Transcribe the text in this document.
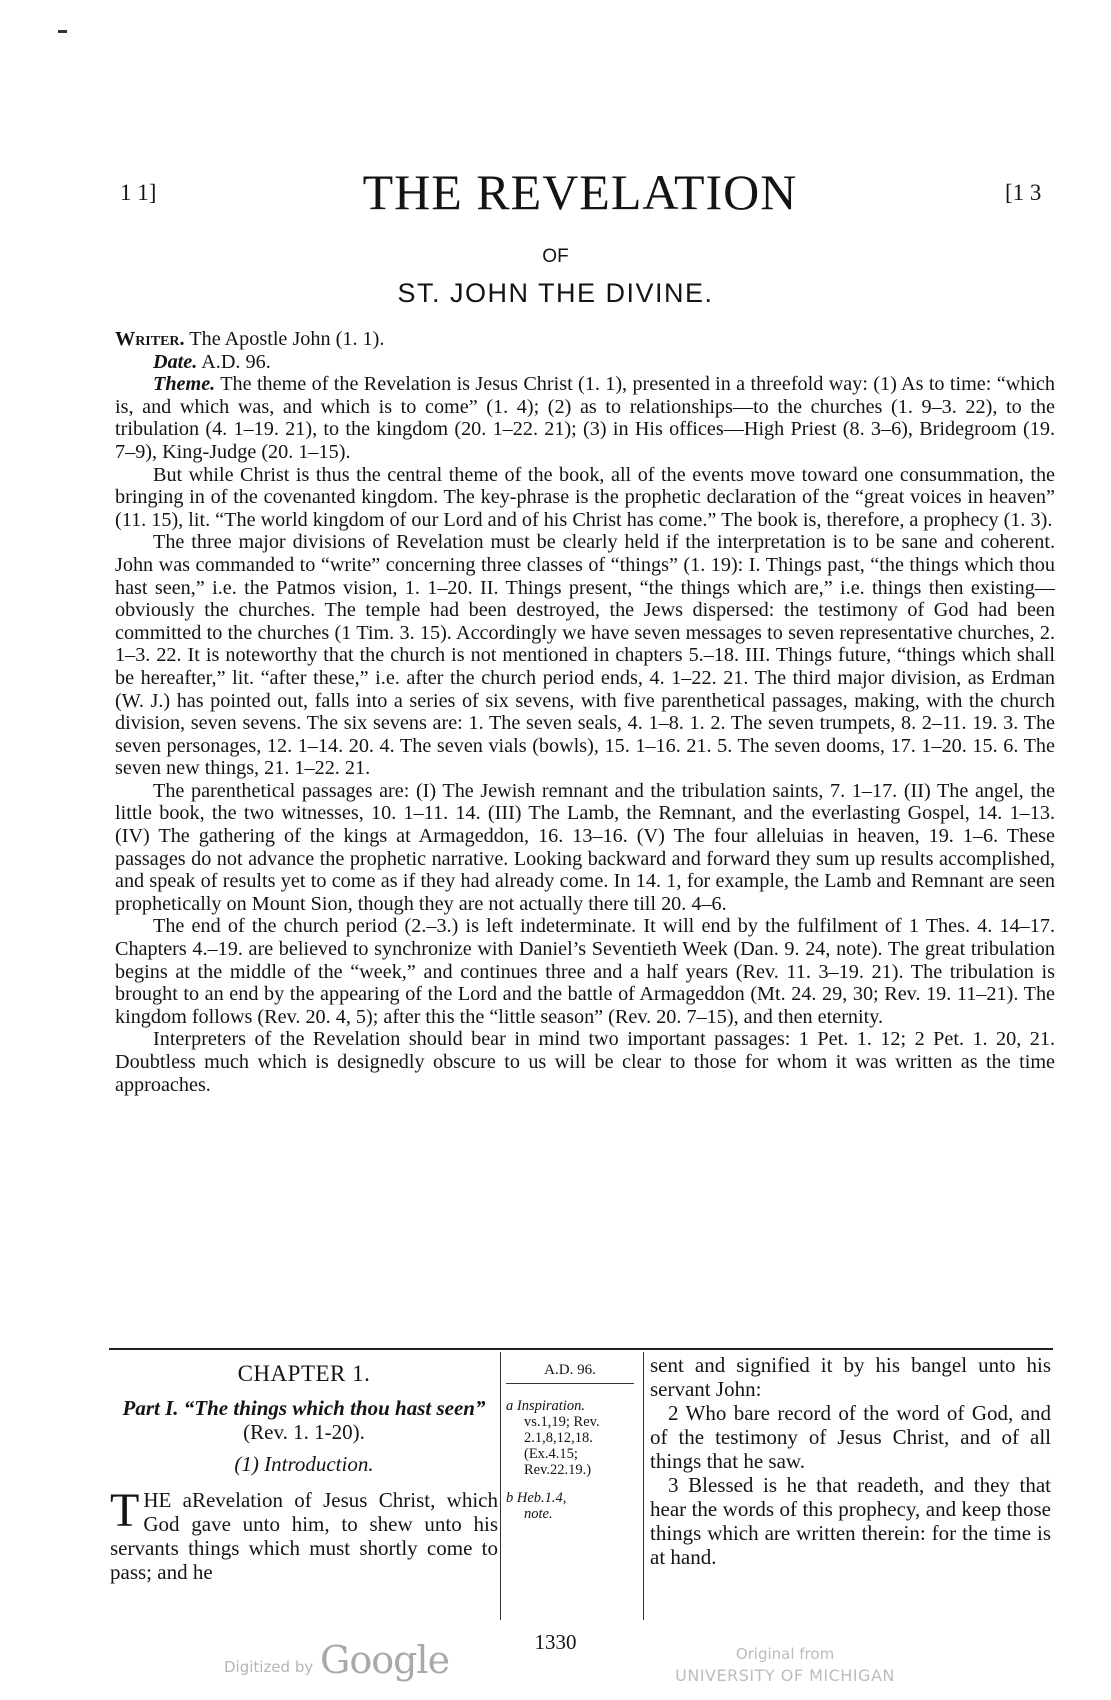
1 1]	[1 3
THE REVELATION
OF
ST. JOHN THE DIVINE.

Writer. The Apostle John (1. 1).

Date. A.D. 96.

Theme. The theme of the Revelation is Jesus Christ (1. 1), presented in a threefold way: (1) As to time: “which is, and which was, and which is to come” (1. 4); (2) as to relationships—to the churches (1. 9–3. 22), to the tribulation (4. 1–19. 21), to the kingdom (20. 1–22. 21); (3) in His offices—High Priest (8. 3–6), Bridegroom (19. 7–9), King-Judge (20. 1–15).

But while Christ is thus the central theme of the book, all of the events move toward one consummation, the bringing in of the covenanted kingdom. The key-phrase is the prophetic declaration of the “great voices in heaven” (11. 15), lit. “The world kingdom of our Lord and of his Christ has come.” The book is, therefore, a prophecy (1. 3).

The three major divisions of Revelation must be clearly held if the interpretation is to be sane and coherent. John was commanded to “write” concerning three classes of “things” (1. 19): I. Things past, “the things which thou hast seen,” i.e. the Patmos vision, 1. 1–20. II. Things present, “the things which are,” i.e. things then existing—obviously the churches. The temple had been destroyed, the Jews dispersed: the testimony of God had been committed to the churches (1 Tim. 3. 15). Accordingly we have seven messages to seven representative churches, 2. 1–3. 22. It is noteworthy that the church is not mentioned in chapters 5.–18. III. Things future, “things which shall be hereafter,” lit. “after these,” i.e. after the church period ends, 4. 1–22. 21. The third major division, as Erdman (W. J.) has pointed out, falls into a series of six sevens, with five parenthetical passages, making, with the church division, seven sevens. The six sevens are: 1. The seven seals, 4. 1–8. 1. 2. The seven trumpets, 8. 2–11. 19. 3. The seven personages, 12. 1–14. 20. 4. The seven vials (bowls), 15. 1–16. 21. 5. The seven dooms, 17. 1–20. 15. 6. The seven new things, 21. 1–22. 21.

The parenthetical passages are: (I) The Jewish remnant and the tribulation saints, 7. 1–17. (II) The angel, the little book, the two witnesses, 10. 1–11. 14. (III) The Lamb, the Remnant, and the everlasting Gospel, 14. 1–13. (IV) The gathering of the kings at Armageddon, 16. 13–16. (V) The four alleluias in heaven, 19. 1–6. These passages do not advance the prophetic narrative. Looking backward and forward they sum up results accomplished, and speak of results yet to come as if they had already come. In 14. 1, for example, the Lamb and Remnant are seen prophetically on Mount Sion, though they are not actually there till 20. 4–6.

The end of the church period (2.–3.) is left indeterminate. It will end by the fulfilment of 1 Thes. 4. 14–17. Chapters 4.–19. are believed to synchronize with Daniel’s Seventieth Week (Dan. 9. 24, note). The great tribulation begins at the middle of the “week,” and continues three and a half years (Rev. 11. 3–19. 21). The tribulation is brought to an end by the appearing of the Lord and the battle of Armageddon (Mt. 24. 29, 30; Rev. 19. 11–21). The kingdom follows (Rev. 20. 4, 5); after this the “little season” (Rev. 20. 7–15), and then eternity.

Interpreters of the Revelation should bear in mind two important passages: 1 Pet. 1. 12; 2 Pet. 1. 20, 21. Doubtless much which is designedly obscure to us will be clear to those for whom it was written as the time approaches.

CHAPTER 1.
Part I. “The things which thou hast seen” (Rev. 1. 1-20).
(1) Introduction.

THE aRevelation of Jesus Christ, which God gave unto him, to shew unto his servants things which must shortly come to pass; and he

A.D. 96.

a Inspiration.

vs.1,19; Rev. 2.1,8,12,18. (Ex.4.15; Rev.22.19.)

b Heb.1.4,

note.

sent and signified it by his bangel unto his servant John:

2 Who bare record of the word of God, and of the testimony of Jesus Christ, and of all things that he saw.

3 Blessed is he that readeth, and they that hear the words of this prophecy, and keep those things which are written therein: for the time is at hand.

1330
Digitized by Google	Original from
UNIVERSITY OF MICHIGAN
